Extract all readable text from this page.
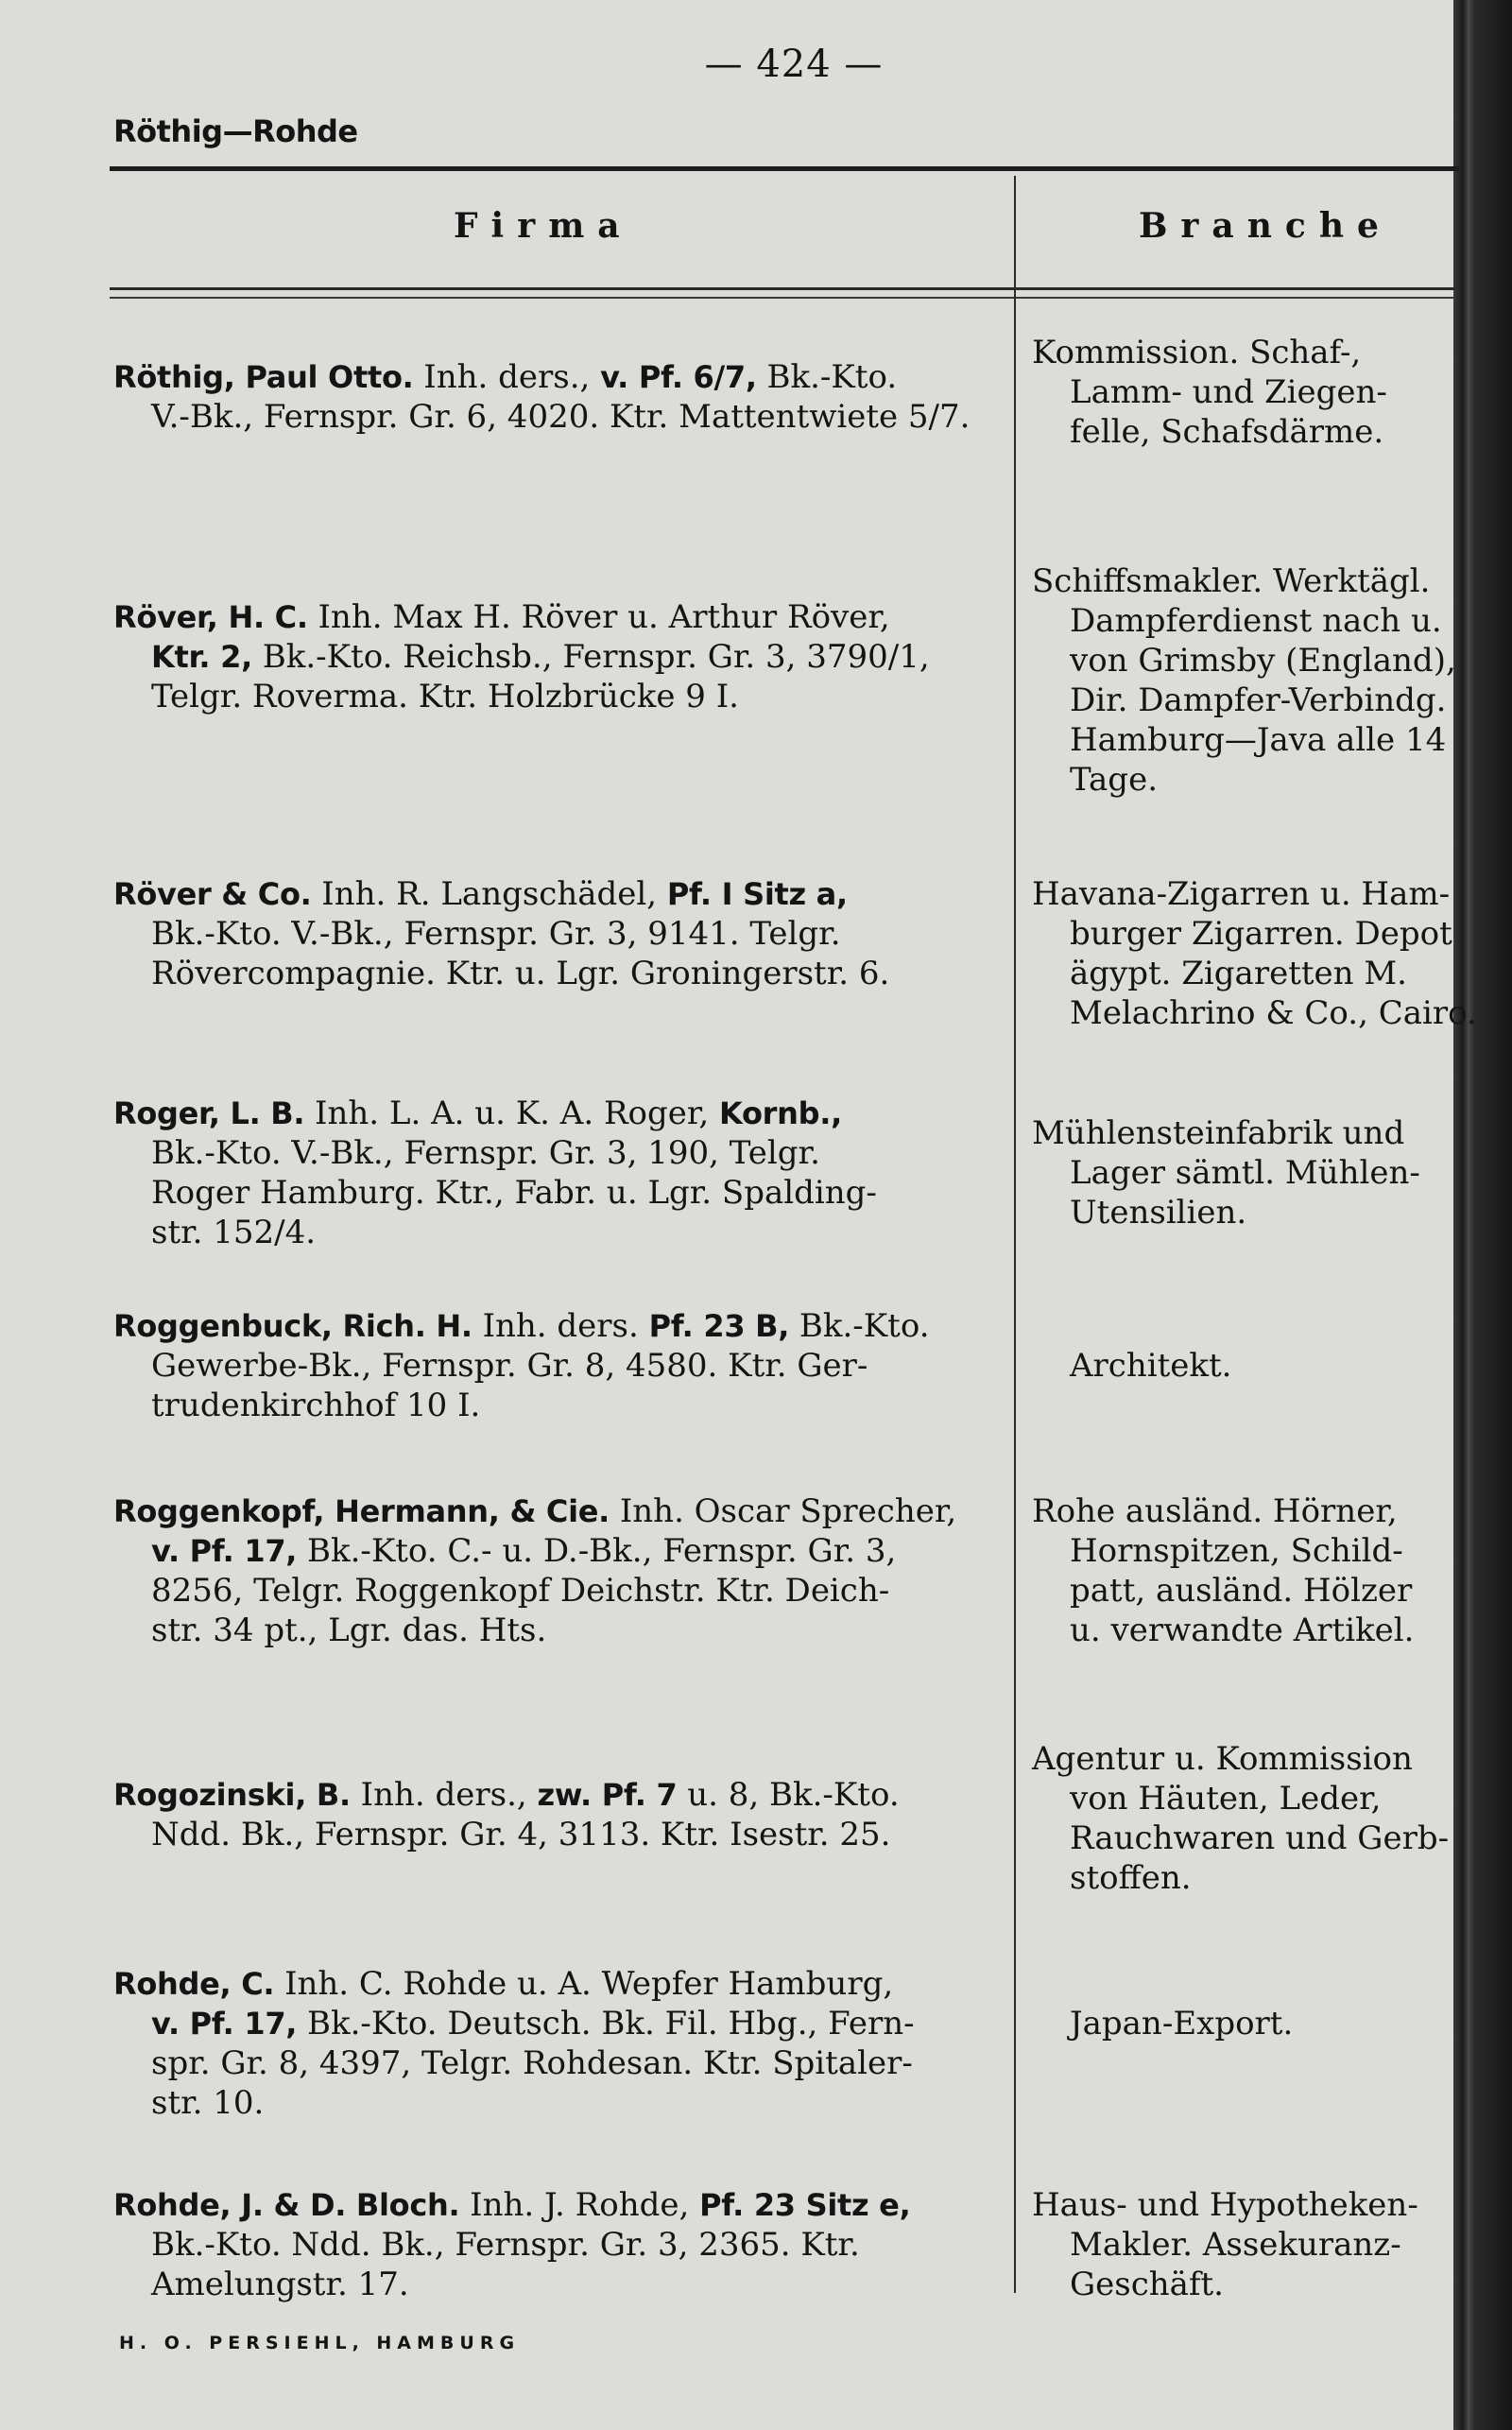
— 424 —
Röthig—Rohde
Firma	Branche
Röthig, Paul Otto. Inh. ders., v. Pf. 6/7, Bk.-Kto.
V.-Bk., Fernspr. Gr. 6, 4020. Ktr. Mattentwiete 5/7.
Kommission. Schaf-,
Lamm- und Ziegen-
felle, Schafsdärme.
Röver, H. C. Inh. Max H. Röver u. Arthur Röver,
Ktr. 2, Bk.-Kto. Reichsb., Fernspr. Gr. 3, 3790/1,
Telgr. Roverma. Ktr. Holzbrücke 9 I.
Schiffsmakler. Werktägl.
Dampferdienst nach u.
von Grimsby (England),
Dir. Dampfer-Verbindg.
Hamburg—Java alle 14
Tage.
Röver & Co. Inh. R. Langschädel, Pf. I Sitz a,
Bk.-Kto. V.-Bk., Fernspr. Gr. 3, 9141. Telgr.
Rövercompagnie. Ktr. u. Lgr. Groningerstr. 6.
Havana-Zigarren u. Ham-
burger Zigarren. Depot
ägypt. Zigaretten M.
Melachrino & Co., Cairo.
Roger, L. B. Inh. L. A. u. K. A. Roger, Kornb.,
Bk.-Kto. V.-Bk., Fernspr. Gr. 3, 190, Telgr.
Roger Hamburg. Ktr., Fabr. u. Lgr. Spalding-
str. 152/4.
Mühlensteinfabrik und
Lager sämtl. Mühlen-
Utensilien.
Roggenbuck, Rich. H. Inh. ders. Pf. 23 B, Bk.-Kto.
Gewerbe-Bk., Fernspr. Gr. 8, 4580. Ktr. Ger-
trudenkirchhof 10 I.

Architekt.
Roggenkopf, Hermann, & Cie. Inh. Oscar Sprecher,
v. Pf. 17, Bk.-Kto. C.- u. D.-Bk., Fernspr. Gr. 3,
8256, Telgr. Roggenkopf Deichstr. Ktr. Deich-
str. 34 pt., Lgr. das. Hts.
Rohe ausländ. Hörner,
Hornspitzen, Schild-
patt, ausländ. Hölzer
u. verwandte Artikel.
Rogozinski, B. Inh. ders., zw. Pf. 7 u. 8, Bk.-Kto.
Ndd. Bk., Fernspr. Gr. 4, 3113. Ktr. Isestr. 25.
Agentur u. Kommission
von Häuten, Leder,
Rauchwaren und Gerb-
stoffen.
Rohde, C. Inh. C. Rohde u. A. Wepfer Hamburg,
v. Pf. 17, Bk.-Kto. Deutsch. Bk. Fil. Hbg., Fern-
spr. Gr. 8, 4397, Telgr. Rohdesan. Ktr. Spitaler-
str. 10.

Japan-Export.
Rohde, J. & D. Bloch. Inh. J. Rohde, Pf. 23 Sitz e,
Bk.-Kto. Ndd. Bk., Fernspr. Gr. 3, 2365. Ktr.
Amelungstr. 17.
Haus- und Hypotheken-
Makler. Assekuranz-
Geschäft.
H. O. PERSIEHL, HAMBURG
